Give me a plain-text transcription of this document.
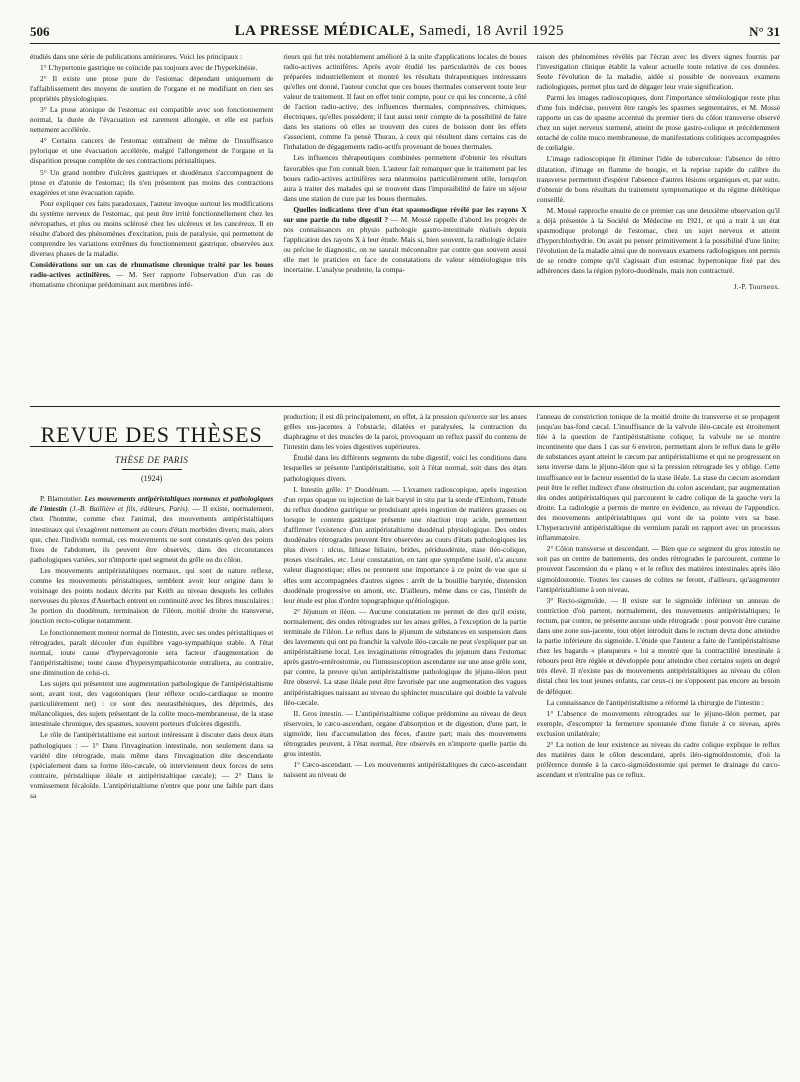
506	LA PRESSE MÉDICALE, Samedi, 18 Avril 1925	N° 31

étudiés dans une série de publications antérieures. Voici les principaux :

1° L'hypertonie gastrique ne coïncide pas toujours avec de l'hyperkinésie.

2° Il existe une ptose pure de l'estomac dépendant uniquement de l'affaiblissement des moyens de soutien de l'organe et ne modifiant en rien ses propriétés physiologiques.

3° La ptose atonique de l'estomac est compatible avec son fonctionnement normal, la durée de l'évacuation est rarement allongée, et elle est parfois nettement accélérée.

4° Certains cancers de l'estomac entraînent de même de l'insuffisance pylorique et une évacuation accélérée, malgré l'allongement de l'organe et la disparition presque complète de ses contractions péristaltiques.

5° Un grand nombre d'ulcères gastriques et duodénaux s'accompagnent de ptose et d'atonie de l'estomac; ils n'en présentent pas moins des contractions exagérées et une évacuation rapide.

Pour expliquer ces faits paradoxaux, l'auteur invoque surtout les modifications du système nerveux de l'estomac, qui peut être irrité fonctionnellement chez les névropathes, et plus ou moins sclérosé chez les ulcéreux et les cancéreux. Il en résulte d'abord des phénomènes d'excitation, puis de paralysie, qui permettent de comprendre les variations extrêmes du fonctionnement gastrique, observées aux diverses phases de la maladie.

Considérations sur un cas de rhumatisme chronique traité par les boues radio-actives actinifères. — M. Serr rapporte l'observation d'un cas de rhumatisme chronique prédominant aux membres infé-

rieurs qui fut très notablement amélioré à la suite d'applications locales de boues radio-actives actinifères. Après avoir étudié les particularités de ces boues préparées industriellement et montré les résultats thérapeutiques intéressants qu'elles ont donné, l'auteur conclut que ces boues thermales conservent toute leur valeur de traitement. Il faut en effet tenir compte, pour ce qui les concerne, à côté de l'action radio-active, des influences thermales, compressives, chimiques, électriques, qu'elles possèdent; il faut aussi tenir compte de la possibilité de faire dans les stations où elles se trouvent des cures de boisson dont les effets s'associent, comme l'a pensé Thurau, à ceux qui résultent dans certains cas de l'inhalation de dégagements radio-actifs provenant de boues thermales.

Les influences thérapeutiques combinées permettent d'obtenir les résultats favorables que l'on connaît bien. L'auteur fait remarquer que le traitement par les boues radio-actives actinifères sera néanmoins particulièrement utile, lorsqu'on aura à traiter des malades qui se trouvent dans l'impossibilité de faire un séjour dans une station de cure par les boues thermales.

Quelles indications tirer d'un état spasmodique révélé par les rayons X sur une partie du tube digestif ? — M. Mossé rappelle d'abord les progrès de nos connaissances en physio pathologie gastro-intestinale réalisés depuis l'application des rayons X à leur étude. Mais si, bien souvent, la radiologie éclaire ou précise le diagnostic, on ne saurait méconnaître par contre que souvent aussi elle met le praticien en face de constatations de valeur séméiologique très incertaine. L'analyse prudente, la compa-

raison des phénomènes révélés par l'écran avec les divers signes fournis par l'investigation clinique établit la valeur actuelle toute relative de ces données. Seule l'évolution de la maladie, aidée si possible de nouveaux examens radiologiques, permet plus tard de dégager leur vraie signification.

Parmi les images radioscopiques, dont l'importance séméiologique reste plus d'une fois indécise, peuvent être rangés les spasmes segmentaires, et M. Mossé rapporte un cas de spasme accentué du premier tiers du côlon transverse observé chez un sujet nerveux surmené, atteint de ptose gastro-colique et précédemment entaché de colite muco membraneuse, de manifestations colitiques accompagnées de cœlialgie.

L'image radioscopique fit éliminer l'idée de tuberculose: l'absence de rétro dilatation, d'image en flamme de bougie, et la reprise rapide du calibre du transverse permettent d'espérer l'absence d'autres lésions organiques et, par suite, d'obtenir de bons résultats du traitement symptomatique et du régime diététique conseillé.

M. Mossé rapproche ensuite de ce premier cas une deuxième observation qu'il a déjà présentée à la Société de Médecine en 1921, et qui a trait à un état spasmodique prolongé de l'estomac, chez un sujet nerveux et atteint d'hyperchlorhydrie. On avait pu penser primitivement à la possibilité d'une linite; l'évolution de la maladie ainsi que de nouveaux examens radiologiques ont permis de se rendre compte qu'il s'agissait d'un estomac hypertonique fixé par des adhérences dans la région pyloro-duodénale, mais non contracturé.

J.-P. Tourneux.
REVUE DES THÈSES
THÈSE DE PARIS
(1924)

P. Blamoutier. Les mouvements antipéristaltiques normaux et pathologiques de l'intestin (J.-B. Baillière et fils, éditeurs, Paris). — Il existe, normalement, chez l'homme, comme chez l'animal, des mouvements antipéristaltiques intestinaux qui s'exagèrent nettement au cours d'états morbides divers; mais, alors que, chez l'individu normal, ces mouvements ne sont constatés qu'en des points fixes de l'abdomen, ils peuvent être observés, dans des circonstances pathologiques variées, sur n'importe quel segment du grêle ou du côlon.

Les mouvements antipéristaltiques normaux, qui sont de nature reflexe, comme les mouvements péristaltiques, semblent avoir leur origine dans le voisinage des points nodaux décrits par Keith au niveau desquels les cellules nerveuses du plexus d'Auerbach entrent en continuité avec les fibres musculaires : 3e portion du duodénum, terminaison de l'iléon, moitié droite du transverse, jonction recto-colique notamment.

Le fonctionnement moteur normal de l'intestin, avec ses ondes péristaltiques et rétrogrades, paraît découler d'un équilibre vago-sympathique stable. A l'état normal, toute cause d'hypervagotonie sera facteur d'augmentation de l'antipéristaltisme; toute cause d'hypersympathicotonie entraînera, au contraire, une diminution de celui-ci.

Les sujets qui présentent une augmentation pathologique de l'antipéristaltisme sont, avant tout, des vagotoniques (leur réflexe oculo-cardiaque se montre particulièrement net) : ce sont des neurasthéniques, des déprimés, des mélancoliques, des sujets présentant de la colite muco-membraneuse, de la stase intestinale chronique, des spasmes, souvent porteurs d'ulcères digestifs.

Le rôle de l'antipéristaltisme est surtout intéressant à discuter dans deux états pathologiques : — 1° Dans l'invagination intestinale, non seulement dans sa variété dite rétrograde, mais même dans l'invagination dite descendante (spécialement dans sa forme iléo-cæcale, où interviennent deux forces de sens contraire, péristaltique iléale et antipéristaltique cæcale); — 2° Dans le vomissement fécaloïde. L'antipéristaltisme n'entre que pour une faible part dans sa

production; il est dû principalement, en effet, à la pression qu'exerce sur les anses grêles sus-jacentes à l'obstacle, dilatées et paralysées, la contraction du diaphragme et des muscles de la paroi, provoquant un reflux passif du contenu de l'intestin dans les voies digestives supérieures.

Étudié dans les différents segments du tube digestif, voici les conditions dans lesquelles se présente l'antipéristaltisme, soit à l'état normal, soit dans des états pathologiques divers.

I. Intestin grêle. 1° Duodénum. — L'examen radioscopique, après ingestion d'un repas opaque ou injection de lait baryté in situ par la sonde d'Einhorn, l'étude du reflux duodéno gastrique se produisant après ingestion de matières grasses ou lorsque le contenu gastrique présente une réaction trop acide, permettent d'affirmer l'existence d'un antipéristaltisme duodénal physiologique. Des ondes duodénales rétrogrades peuvent être observées au cours d'états pathologiques les plus divers : ulcus, lithiase biliaire, brides, périduodénite, stase iléo-colique, ptoses viscérales, etc. Leur constatation, en tant que symptôme isolé, n'a aucune valeur diagnostique; elles ne prennent une importance à ce point de vue que si elles sont accompagnées d'autres signes : arrêt de la bouillie barytée, distension duodénale progressive en amont, etc. D'ailleurs, même dans ce cas, l'intérêt de leur étude est plus d'ordre topographique qu'étiologique.

2° Jéjunum et iléon. — Aucune constatation ne permet de dire qu'il existe, normalement, des ondes rétrogrades sur les anses grêles, à l'exception de la partie terminale de l'iléon. Le reflux dans le jéjunum de substances en suspension dans des lavements qui ont pu franchir la valvule iléo-cæcale ne peut s'expliquer par un antipéristaltisme local. Les invaginations rétrogrades du jejunum dans l'estomac après gastro-entérostomie, ou l'intussusception ascendante sur une anse grêle sont, par contre, la preuve qu'un antipéristaltisme pathologique du jéjuno-iléon peut être observé. La stase iléale peut être favorisée par une augmentation des vagues antipéristaltiques naissant au niveau du sphincter musculaire qui double la valvule iléo-cæcale.

II. Gros intestin. — L'antipéristaltisme colique prédomine au niveau de deux réservoirs, le cæco-ascendant, organe d'absorption et de digestion, d'une part, le sigmoïde, lieu d'accumulation des fèces, d'autre part; mais des mouvements rétrogrades peuvent, à l'état normal, être observés en n'importe quelle partie du gros intestin.

1° Cæco-ascendant. — Les mouvements antipéristaltiques du cæco-ascendant naissent au niveau de

l'anneau de constriction tonique de la moitié droite du transverse et se propagent jusqu'au bas-fond cæcal. L'insuffisance de la valvule iléo-cæcale est étroitement liée à la question de l'antipéristaltisme colique; la valvule ne se montre incontinente que dans 1 cas sur 6 environ, permettant alors le reflux dans le grêle de substances ayant atteint le cæcum par antipéristaltisme et qui ne progressent en sens inverse dans le jéjuno-iléon que si la pression rétrograde les y oblige. Cette insuffisance est le facteur essentiel de la stase iléale. La stase du cæcum ascendant peut être le reflet indirect d'une obstruction du colon ascendant, par augmentation des ondes antipéristaltiques qui parcourent le cadre colique de la gauche vers la droite. La radiologie a permis de mettre en évidence, au niveau de l'appendice, des mouvements antipéristaltiques qui vont de sa pointe vers sa base. L'hyperacuvité antipéristaltique du vermium paraît en rapport avec un processus inflammatoire.

2° Côlon transverse et descendant. — Bien que ce segment du gros intestin ne soit pas un centre de battements, des ondes rétrogrades le parcourent, comme le prouvent l'ascension du « planq » et le reflux des matières intestinales après iléo sigmoïdostomie. Toutes les causes de colites ne feront, d'ailleurs, qu'augmenter l'antipéristaltisme à son niveau.

3° Recto-sigmoïde. — Il existe sur le sigmoïde inférieur un anneau de contriction d'où partent, normalement, des mouvements antipéristaltiques; le rectum, par contre, ne présente aucune onde rétrograde : pour pouvoir être curaine dans une zone sus-jacente, tout objet introduit dans le rectum devra donc atteindre la partie inférieure du sigmoïde. L'étude que l'auteur a faite de l'antipéristaltisme chez les bagards « planqueurs » lui a montré que la contractilité intestinale à rebours peut être réglée et développée pour atteindre chez certains sujets un degré très élevé. Il n'existe pas de mouvements antipéristaltiques au niveau du côlon distal chez les tout jeunes enfants, car ceux-ci ne s'opposent pas encore au besoin de déféquer.

La connaissance de l'antipéristaltisme a réformé la chirurgie de l'intestin :

1° L'absence de mouvements rétrogrades sur le jéjuno-iléon permet, par exemple, d'escompter la fermeture spontanée d'une fistule à ce niveau, après exclusion unilatérale;

2° La notion de leur existence au niveau du cadre colique explique le reflux des matières dans le côlon descendant, après iléo-sigmoïdostomie, d'où la préférence donnée à la cæco-sigmoïdostomie qui permet le drainage du cæco-ascendant et n'entraîne pas ce reflux.
